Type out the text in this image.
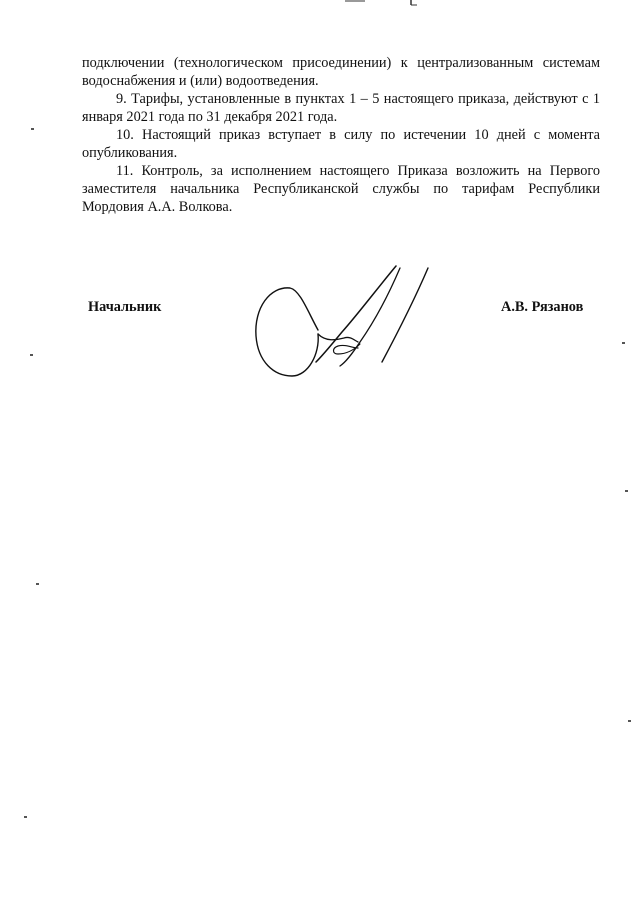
подключении (технологическом присоединении) к централизованным системам водоснабжения и (или) водоотведения.

9. Тарифы, установленные в пунктах 1 – 5 настоящего приказа, действуют с 1 января 2021 года по 31 декабря 2021 года.

10. Настоящий приказ вступает в силу по истечении 10 дней с момента опубликования.

11. Контроль, за исполнением настоящего Приказа возложить на Первого заместителя начальника Республиканской службы по тарифам Республики Мордовия А.А. Волкова.

Начальник	А.В. Рязанов
